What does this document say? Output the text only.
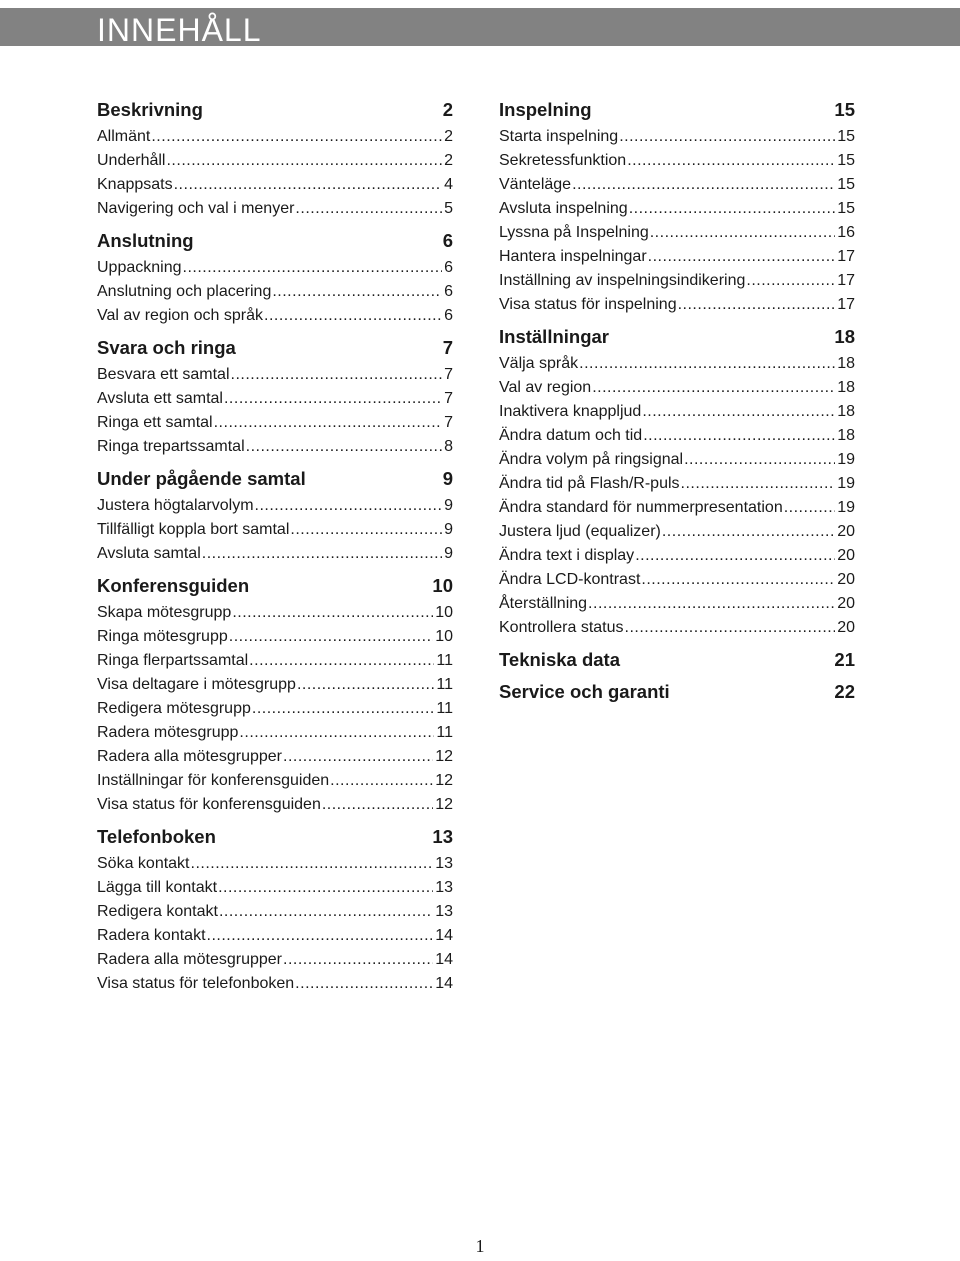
INNEHÅLL
Beskrivning	2
Allmänt .....	2
Underhåll .....	2
Knappsats .....	4
Navigering och val i menyer .....	5
Anslutning	6
Uppackning .....	6
Anslutning och placering .....	6
Val av region och språk .....	6
Svara och ringa	7
Besvara ett samtal .....	7
Avsluta ett samtal .....	7
Ringa ett samtal .....	7
Ringa trepartssamtal .....	8
Under pågående samtal	9
Justera högtalarvolym .....	9
Tillfälligt koppla bort samtal .....	9
Avsluta samtal .....	9
Konferensguiden	10
Skapa mötesgrupp .....	10
Ringa mötesgrupp .....	10
Ringa flerpartssamtal .....	11
Visa deltagare i mötesgrupp .....	11
Redigera mötesgrupp .....	11
Radera mötesgrupp .....	11
Radera alla mötesgrupper .....	12
Inställningar för konferensguiden .....	12
Visa status för konferensguiden .....	12
Telefonboken	13
Söka kontakt .....	13
Lägga till kontakt .....	13
Redigera kontakt .....	13
Radera kontakt .....	14
Radera alla mötesgrupper .....	14
Visa status för telefonboken .....	14
Inspelning	15
Starta inspelning .....	15
Sekretessfunktion .....	15
Vänteläge .....	15
Avsluta inspelning .....	15
Lyssna på Inspelning .....	16
Hantera inspelningar .....	17
Inställning av inspelningsindikering .....	17
Visa status för inspelning .....	17
Inställningar	18
Välja språk .....	18
Val av region .....	18
Inaktivera knappljud .....	18
Ändra datum och tid .....	18
Ändra volym på ringsignal .....	19
Ändra tid på Flash/R-puls .....	19
Ändra standard för nummerpresentation .....	19
Justera ljud (equalizer) .....	20
Ändra text i display .....	20
Ändra LCD-kontrast .....	20
Återställning .....	20
Kontrollera status .....	20
Tekniska data	21
Service och garanti	22
1
